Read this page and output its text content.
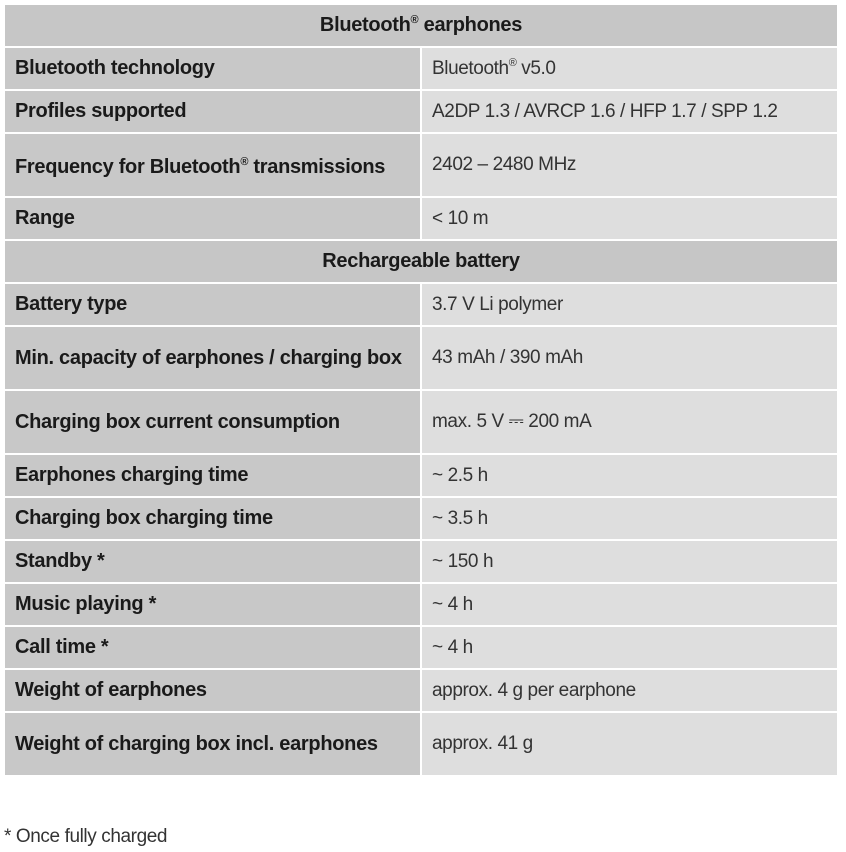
Bluetooth® earphones	
Bluetooth technology	Bluetooth® v5.0
Profiles supported	A2DP 1.3 / AVRCP 1.6 / HFP 1.7 / SPP 1.2
Frequency for Bluetooth® transmissions	2402 – 2480 MHz
Range	< 10 m
Rechargeable battery	
Battery type	3.7 V Li polymer
Min. capacity of earphones / charging box	43 mAh / 390 mAh
Charging box current consumption	max. 5 V ⎓ 200 mA
Earphones charging time	~ 2.5 h
Charging box charging time	~ 3.5 h
Standby *	~ 150 h
Music playing *	~ 4 h
Call time *	~ 4 h
Weight of earphones	approx. 4 g per earphone
Weight of charging box incl. earphones	approx. 41 g
* Once fully charged
